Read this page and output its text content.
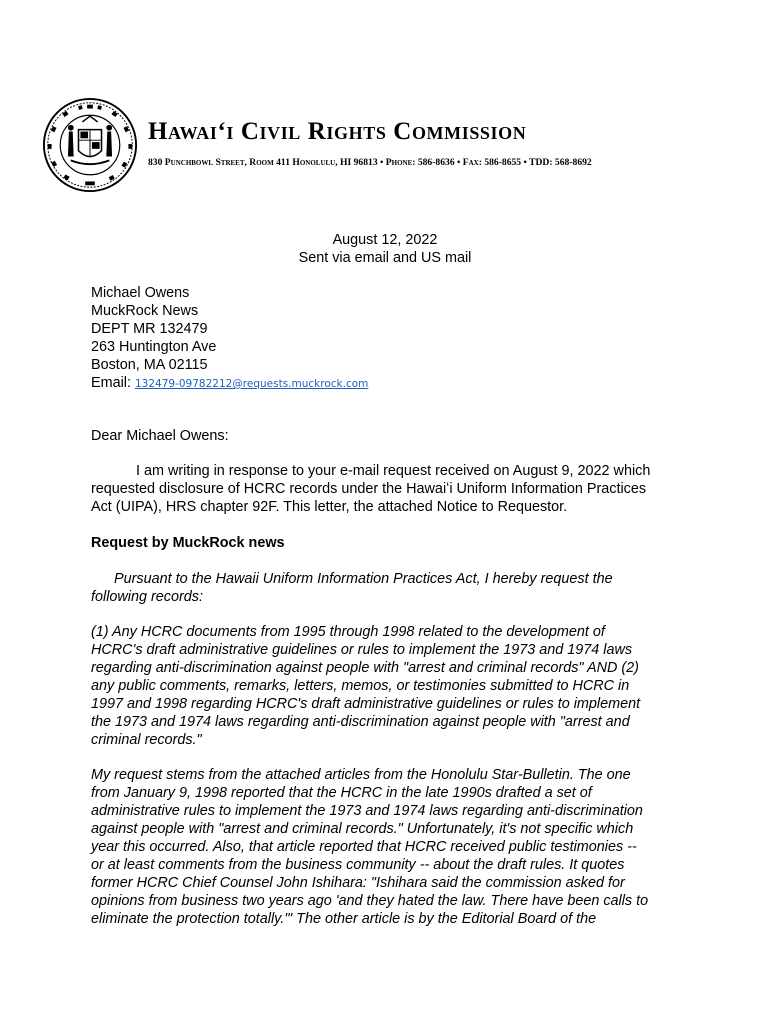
Hawaiʻi Civil Rights Commission
830 Punchbowl Street, Room 411 Honolulu, HI 96813 • Phone: 586-8636 • Fax: 586-8655 • TDD: 568-8692
August 12, 2022
Sent via email and US mail
Michael Owens
MuckRock News
DEPT MR 132479
263 Huntington Ave
Boston, MA 02115
Email: 132479-09782212@requests.muckrock.com
Dear Michael Owens:
I am writing in response to your e-mail request received on August 9, 2022 which
requested disclosure of HCRC records under the Hawaiʻi Uniform Information Practices
Act (UIPA), HRS chapter 92F. This letter, the attached Notice to Requestor.
Request by MuckRock news
Pursuant to the Hawaii Uniform Information Practices Act, I hereby request the
following records:
(1) Any HCRC documents from 1995 through 1998 related to the development of
HCRC's draft administrative guidelines or rules to implement the 1973 and 1974 laws
regarding anti-discrimination against people with "arrest and criminal records" AND (2)
any public comments, remarks, letters, memos, or testimonies submitted to HCRC in
1997 and 1998 regarding HCRC's draft administrative guidelines or rules to implement
the 1973 and 1974 laws regarding anti-discrimination against people with "arrest and
criminal records."
My request stems from the attached articles from the Honolulu Star-Bulletin. The one
from January 9, 1998 reported that the HCRC in the late 1990s drafted a set of
administrative rules to implement the 1973 and 1974 laws regarding anti-discrimination
against people with "arrest and criminal records." Unfortunately, it's not specific which
year this occurred. Also, that article reported that HCRC received public testimonies --
or at least comments from the business community -- about the draft rules. It quotes
former HCRC Chief Counsel John Ishihara: "Ishihara said the commission asked for
opinions from business two years ago 'and they hated the law. There have been calls to
eliminate the protection totally.'" The other article is by the Editorial Board of the
